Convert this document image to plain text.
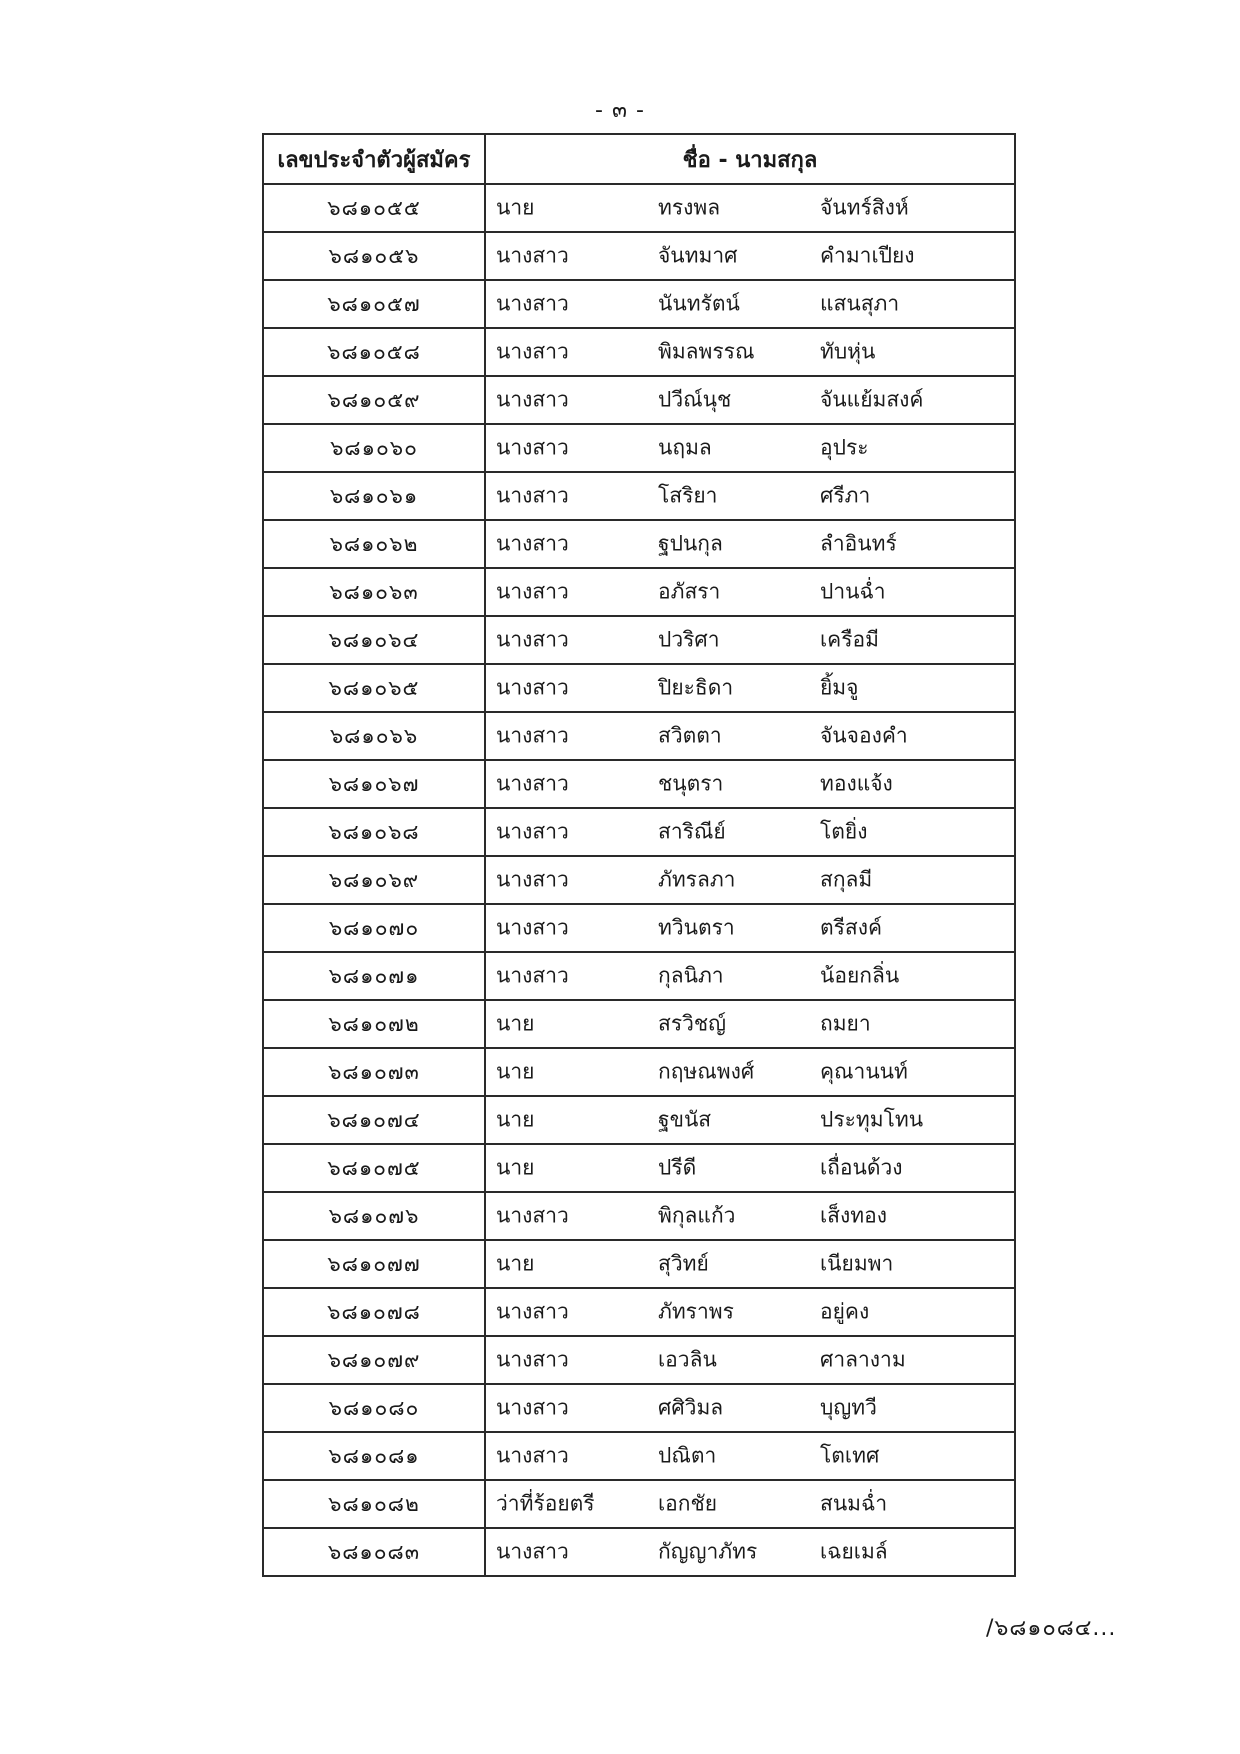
- ๓ -
เลขประจำตัวผู้สมัคร	ชื่อ - นามสกุล
๖๘๑๐๕๕	นาย ทรงพล จันทร์สิงห์

๖๘๑๐๕๖	นางสาว จันทมาศ คำมาเปียง

๖๘๑๐๕๗	นางสาว นันทรัตน์ แสนสุภา

๖๘๑๐๕๘	นางสาว พิมลพรรณ ทับหุ่น

๖๘๑๐๕๙	นางสาว ปวีณ์นุช จันแย้มสงค์

๖๘๑๐๖๐	นางสาว นฤมล อุประ

๖๘๑๐๖๑	นางสาว โสริยา ศรีภา

๖๘๑๐๖๒	นางสาว ฐปนกุล ลำอินทร์

๖๘๑๐๖๓	นางสาว อภัสรา ปานฉ่ำ

๖๘๑๐๖๔	นางสาว ปวริศา เครือมี

๖๘๑๐๖๕	นางสาว ปิยะธิดา ยิ้มจู

๖๘๑๐๖๖	นางสาว สวิตตา จันจองคำ

๖๘๑๐๖๗	นางสาว ชนุตรา ทองแจ้ง

๖๘๑๐๖๘	นางสาว สาริณีย์ โตยิ่ง

๖๘๑๐๖๙	นางสาว ภัทรลภา สกุลมี

๖๘๑๐๗๐	นางสาว ทวินตรา ตรีสงค์

๖๘๑๐๗๑	นางสาว กุลนิภา น้อยกลิ่น

๖๘๑๐๗๒	นาย สรวิชญ์ ถมยา

๖๘๑๐๗๓	นาย กฤษณพงศ์ คุณานนท์

๖๘๑๐๗๔	นาย ฐขนัส ประทุมโทน

๖๘๑๐๗๕	นาย ปรีดี เถื่อนด้วง

๖๘๑๐๗๖	นางสาว พิกุลแก้ว เส็งทอง

๖๘๑๐๗๗	นาย สุวิทย์ เนียมพา

๖๘๑๐๗๘	นางสาว ภัทราพร อยู่คง

๖๘๑๐๗๙	นางสาว เอวลิน ศาลางาม

๖๘๑๐๘๐	นางสาว ศศิวิมล บุญทวี

๖๘๑๐๘๑	นางสาว ปณิตา โตเทศ

๖๘๑๐๘๒	ว่าที่ร้อยตรี เอกชัย สนมฉ่ำ

๖๘๑๐๘๓	นางสาว กัญญาภัทร เฉยเมล์
/๖๘๑๐๘๔...
